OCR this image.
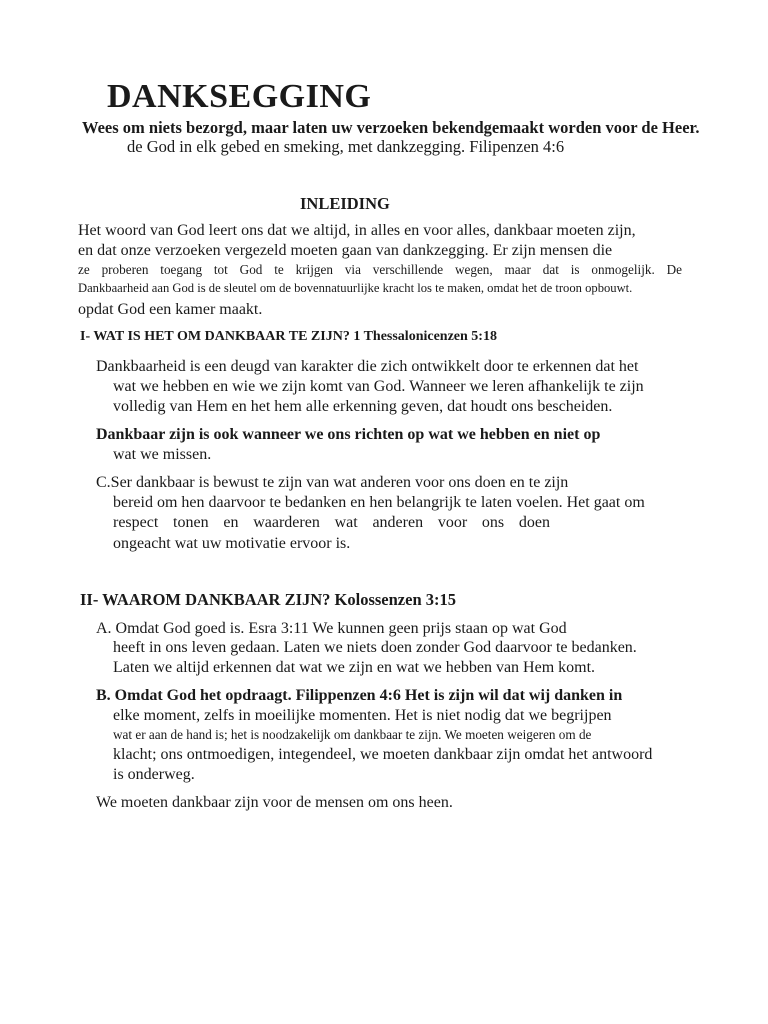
DANKSEGGING
Wees om niets bezorgd, maar laten uw verzoeken bekendgemaakt worden voor de Heer.
de God in elk gebed en smeking, met dankzegging. Filipenzen 4:6
INLEIDING
Het woord van God leert ons dat we altijd, in alles en voor alles, dankbaar moeten zijn,
en dat onze verzoeken vergezeld moeten gaan van dankzegging. Er zijn mensen die
ze proberen toegang tot God te krijgen via verschillende wegen, maar dat is onmogelijk. De
Dankbaarheid aan God is de sleutel om de bovennatuurlijke kracht los te maken, omdat het de troon opbouwt.
opdat God een kamer maakt.
I- WAT IS HET OM DANKBAAR TE ZIJN? 1 Thessalonicenzen 5:18
Dankbaarheid is een deugd van karakter die zich ontwikkelt door te erkennen dat het
wat we hebben en wie we zijn komt van God. Wanneer we leren afhankelijk te zijn
volledig van Hem en het hem alle erkenning geven, dat houdt ons bescheiden.
Dankbaar zijn is ook wanneer we ons richten op wat we hebben en niet op
wat we missen.
C.Ser dankbaar is bewust te zijn van wat anderen voor ons doen en te zijn
bereid om hen daarvoor te bedanken en hen belangrijk te laten voelen. Het gaat om
respect tonen en waarderen wat anderen voor ons doen
ongeacht wat uw motivatie ervoor is.
II- WAAROM DANKBAAR ZIJN? Kolossenzen 3:15
A. Omdat God goed is. Esra 3:11 We kunnen geen prijs staan op wat God
heeft in ons leven gedaan. Laten we niets doen zonder God daarvoor te bedanken.
Laten we altijd erkennen dat wat we zijn en wat we hebben van Hem komt.
B. Omdat God het opdraagt. Filippenzen 4:6 Het is zijn wil dat wij danken in
elke moment, zelfs in moeilijke momenten. Het is niet nodig dat we begrijpen
wat er aan de hand is; het is noodzakelijk om dankbaar te zijn. We moeten weigeren om de
klacht; ons ontmoedigen, integendeel, we moeten dankbaar zijn omdat het antwoord
is onderweg.
We moeten dankbaar zijn voor de mensen om ons heen.
